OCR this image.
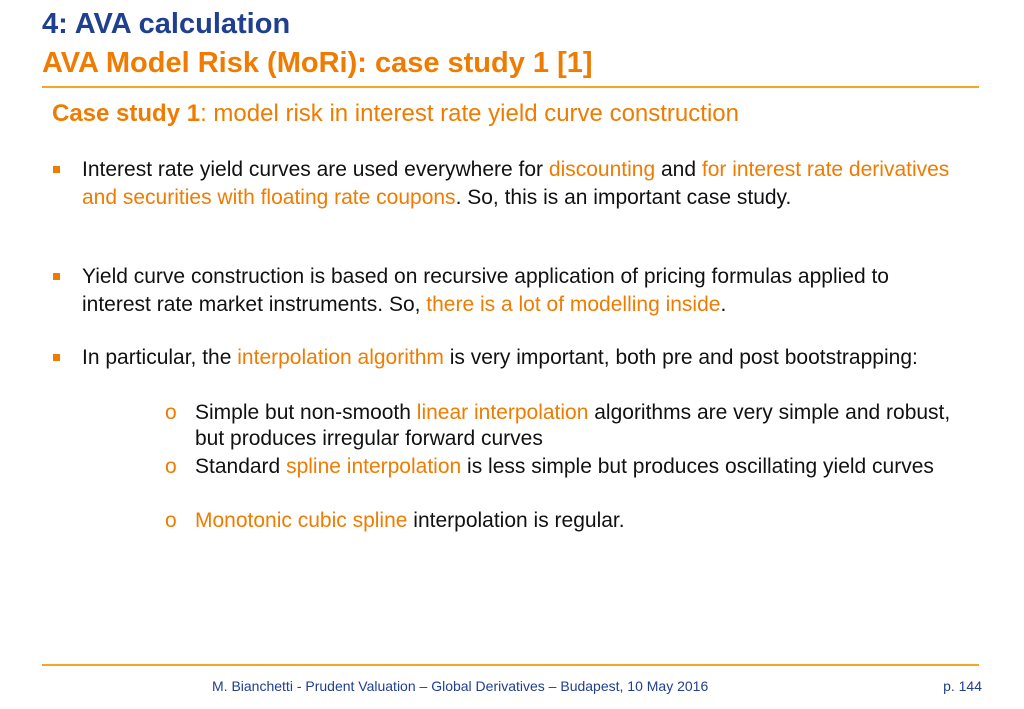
4: AVA calculation
AVA Model Risk (MoRi): case study 1 [1]
Case study 1: model risk in interest rate yield curve construction
Interest rate yield curves are used everywhere for discounting and for interest rate derivatives and securities with floating rate coupons. So, this is an important case study.
Yield curve construction is based on recursive application of pricing formulas applied to interest rate market instruments. So, there is a lot of modelling inside.
In particular, the interpolation algorithm is very important, both pre and post bootstrapping:
o Simple but non-smooth linear interpolation algorithms are very simple and robust, but produces irregular forward curves
o Standard spline interpolation is less simple but produces oscillating yield curves
o Monotonic cubic spline interpolation is regular.
M. Bianchetti - Prudent Valuation – Global Derivatives – Budapest, 10 May 2016	p. 144
